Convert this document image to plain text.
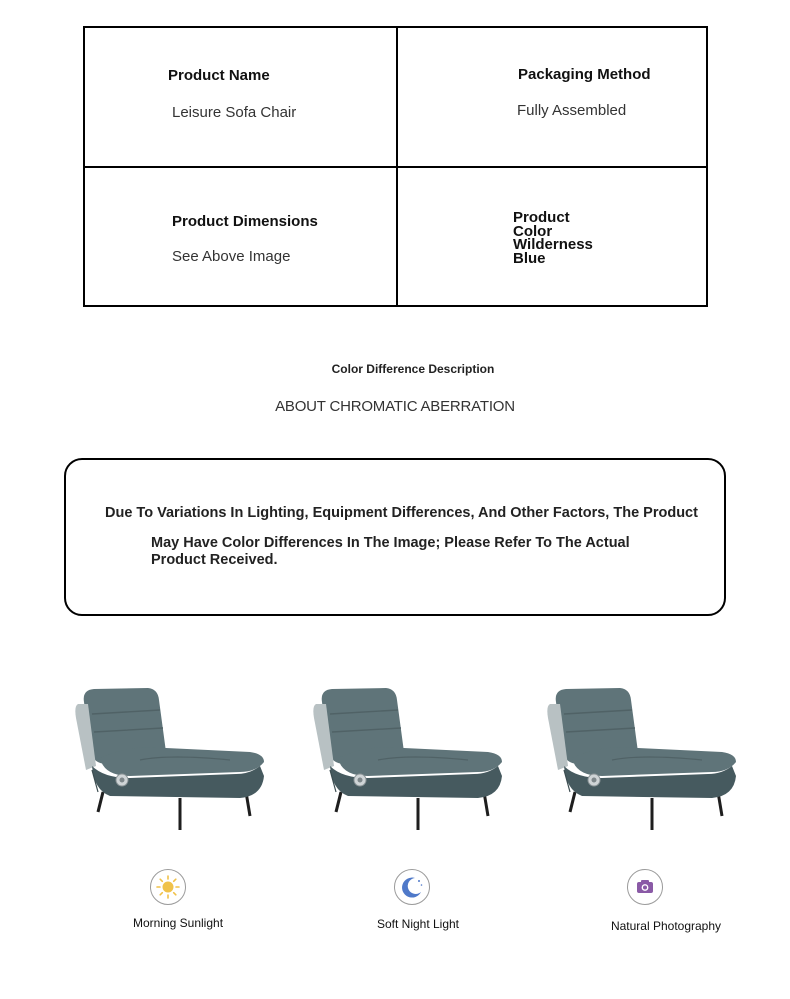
Product Name
Leisure Sofa Chair
Packaging Method
Fully Assembled
Product Dimensions
See Above Image
Product
Color
Wilderness
Blue
Color Difference Description
ABOUT CHROMATIC ABERRATION
Due To Variations In Lighting, Equipment Differences, And Other Factors, The Product
May Have Color Differences In The Image; Please Refer To The Actual Product Received.
Morning Sunlight	Soft Night Light	Natural Photography
